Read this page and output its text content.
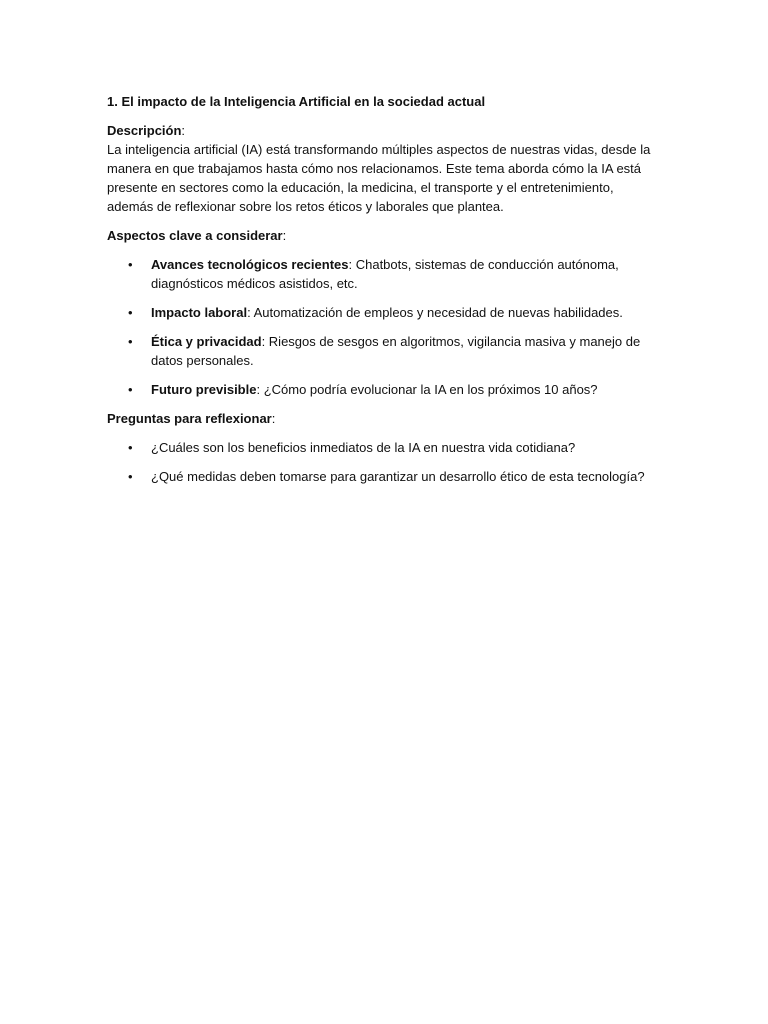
1. El impacto de la Inteligencia Artificial en la sociedad actual

Descripción:

La inteligencia artificial (IA) está transformando múltiples aspectos de nuestras vidas, desde la manera en que trabajamos hasta cómo nos relacionamos. Este tema aborda cómo la IA está presente en sectores como la educación, la medicina, el transporte y el entretenimiento, además de reflexionar sobre los retos éticos y laborales que plantea.

Aspectos clave a considerar:

• Avances tecnológicos recientes: Chatbots, sistemas de conducción autónoma, diagnósticos médicos asistidos, etc.
• Impacto laboral: Automatización de empleos y necesidad de nuevas habilidades.
• Ética y privacidad: Riesgos de sesgos en algoritmos, vigilancia masiva y manejo de datos personales.
• Futuro previsible: ¿Cómo podría evolucionar la IA en los próximos 10 años?

Preguntas para reflexionar:

• ¿Cuáles son los beneficios inmediatos de la IA en nuestra vida cotidiana?
• ¿Qué medidas deben tomarse para garantizar un desarrollo ético de esta tecnología?
